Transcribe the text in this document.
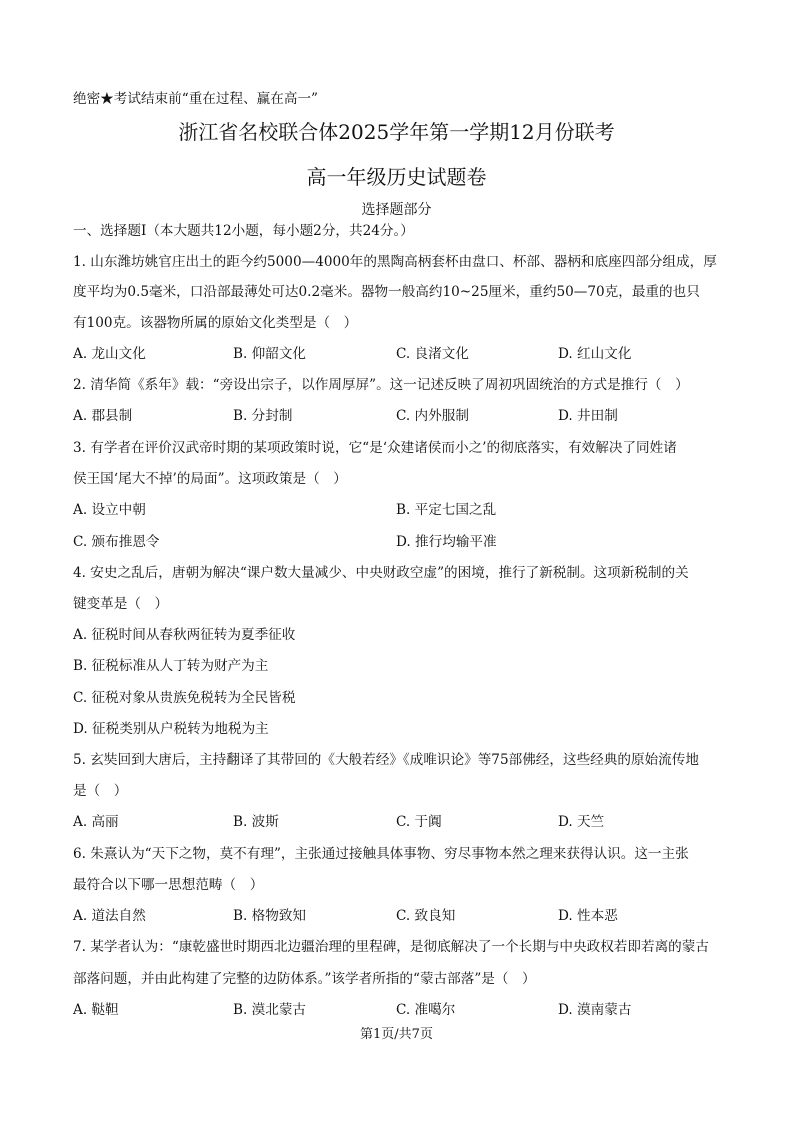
绝密★考试结束前“重在过程、赢在高一”
浙江省名校联合体2025学年第一学期12月份联考
高一年级历史试题卷
选择题部分
一、选择题Ⅰ（本大题共12小题，每小题2分，共24分。）
1. 山东潍坊姚官庄出土的距今约5000—4000年的黑陶高柄套杯由盘口、杯部、器柄和底座四部分组成，厚
度平均为0.5毫米，口沿部最薄处可达0.2毫米。器物一般高约10~25厘米，重约50—70克，最重的也只
有100克。该器物所属的原始文化类型是（　）
A. 龙山文化	B. 仰韶文化	C. 良渚文化	D. 红山文化
2. 清华简《系年》载：“旁设出宗子，以作周厚屏”。这一记述反映了周初巩固统治的方式是推行（　）
A. 郡县制	B. 分封制	C. 内外服制	D. 井田制
3. 有学者在评价汉武帝时期的某项政策时说，它“是‘众建诸侯而小之’的彻底落实，有效解决了同姓诸
侯王国‘尾大不掉’的局面”。这项政策是（　）
A. 设立中朝	B. 平定七国之乱
C. 颁布推恩令	D. 推行均输平准
4. 安史之乱后，唐朝为解决“课户数大量减少、中央财政空虚”的困境，推行了新税制。这项新税制的关
键变革是（　）
A. 征税时间从春秋两征转为夏季征收
B. 征税标准从人丁转为财产为主
C. 征税对象从贵族免税转为全民皆税
D. 征税类别从户税转为地税为主
5. 玄奘回到大唐后，主持翻译了其带回的《大般若经》《成唯识论》等75部佛经，这些经典的原始流传地
是（　）
A. 高丽	B. 波斯	C. 于阗	D. 天竺
6. 朱熹认为“天下之物，莫不有理”，主张通过接触具体事物、穷尽事物本然之理来获得认识。这一主张
最符合以下哪一思想范畴（　）
A. 道法自然	B. 格物致知	C. 致良知	D. 性本恶
7. 某学者认为：“康乾盛世时期西北边疆治理的里程碑，是彻底解决了一个长期与中央政权若即若离的蒙古
部落问题，并由此构建了完整的边防体系。”该学者所指的“蒙古部落”是（　）
A. 鞑靼	B. 漠北蒙古	C. 准噶尔	D. 漠南蒙古
第1页/共7页
